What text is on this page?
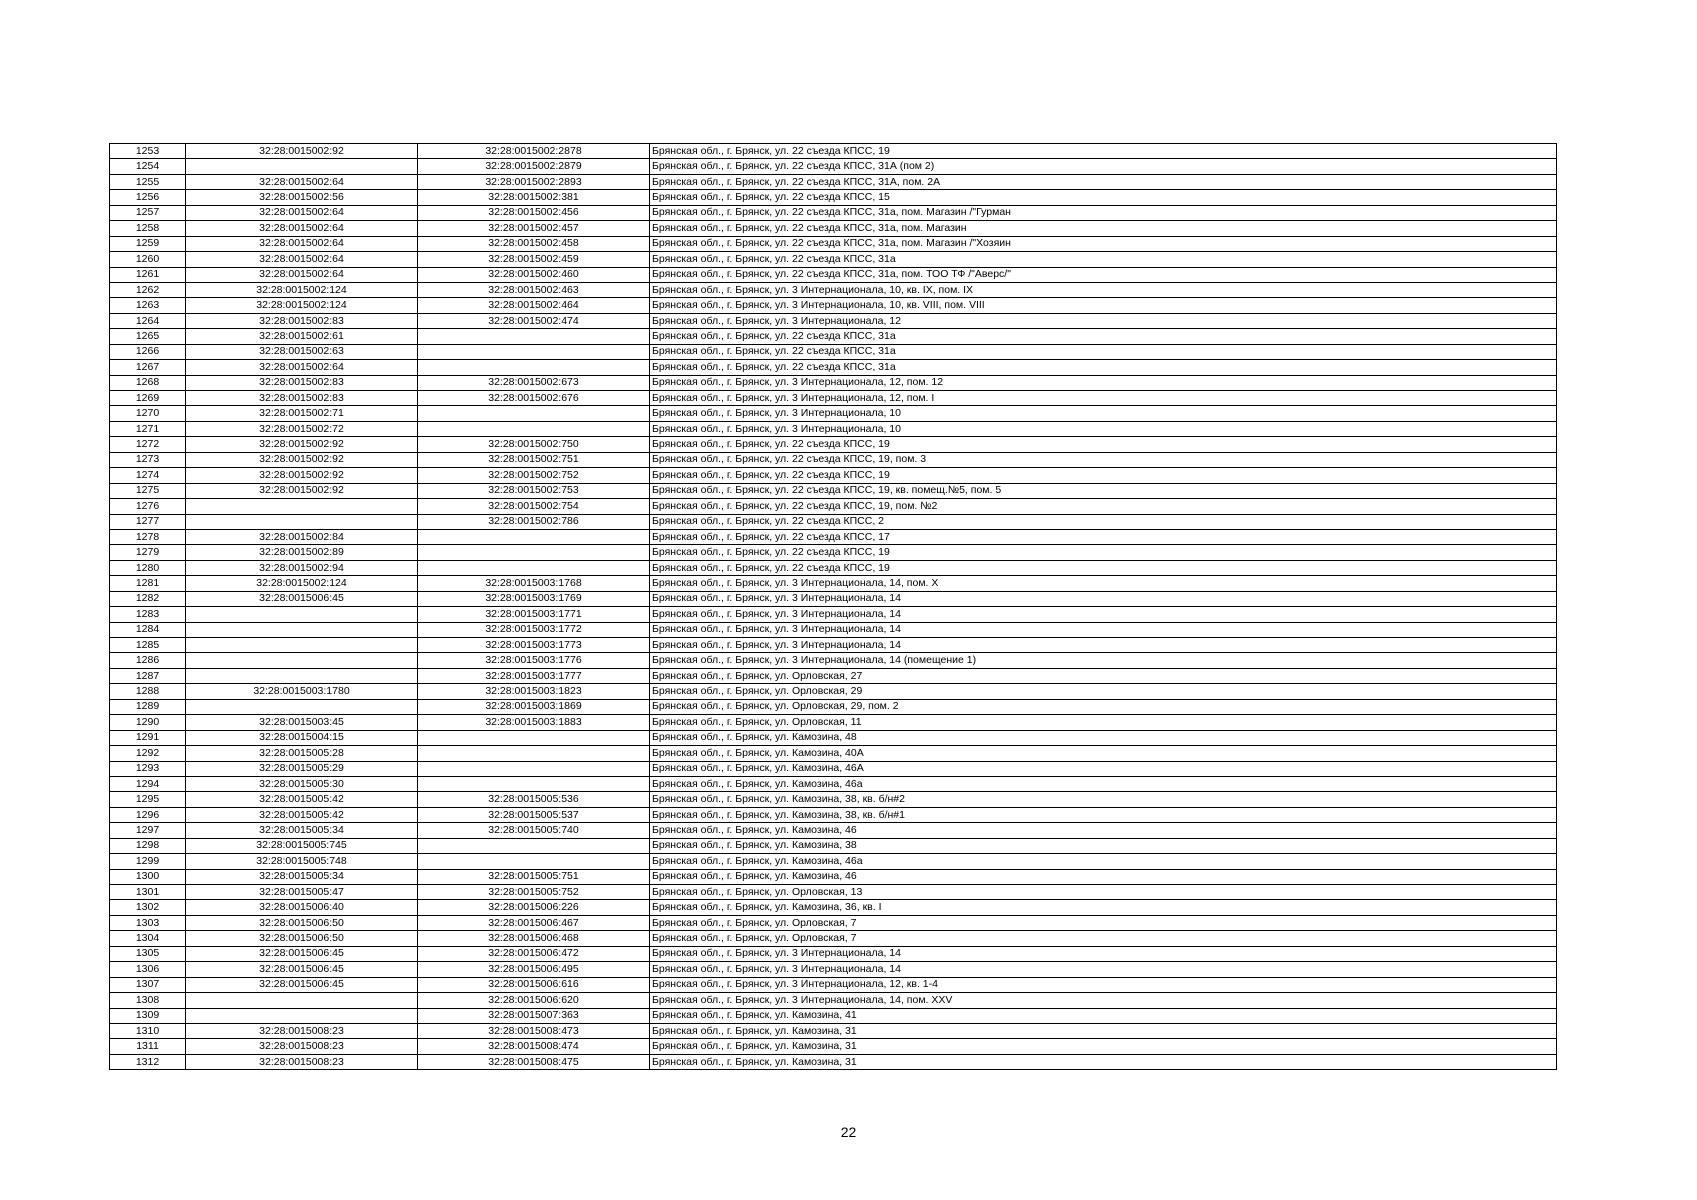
1253	32:28:0015002:92	32:28:0015002:2878	Брянская обл., г. Брянск, ул. 22 съезда КПСС, 19
1254		32:28:0015002:2879	Брянская обл., г. Брянск, ул. 22 съезда КПСС, 31А (пом 2)
1255	32:28:0015002:64	32:28:0015002:2893	Брянская обл., г. Брянск, ул. 22 съезда КПСС, 31А, пом. 2А
1256	32:28:0015002:56	32:28:0015002:381	Брянская обл., г. Брянск, ул. 22 съезда КПСС, 15
1257	32:28:0015002:64	32:28:0015002:456	Брянская обл., г. Брянск, ул. 22 съезда КПСС, 31а, пом. Магазин /"Гурман
1258	32:28:0015002:64	32:28:0015002:457	Брянская обл., г. Брянск, ул. 22 съезда КПСС, 31а, пом. Магазин
1259	32:28:0015002:64	32:28:0015002:458	Брянская обл., г. Брянск, ул. 22 съезда КПСС, 31а, пом. Магазин /"Хозяин
1260	32:28:0015002:64	32:28:0015002:459	Брянская обл., г. Брянск, ул. 22 съезда КПСС, 31а
1261	32:28:0015002:64	32:28:0015002:460	Брянская обл., г. Брянск, ул. 22 съезда КПСС, 31а, пом. ТОО ТФ /"Аверс/"
1262	32:28:0015002:124	32:28:0015002:463	Брянская обл., г. Брянск, ул. 3 Интернационала, 10, кв. IX, пом. IX
1263	32:28:0015002:124	32:28:0015002:464	Брянская обл., г. Брянск, ул. 3 Интернационала, 10, кв. VIII, пом. VIII
1264	32:28:0015002:83	32:28:0015002:474	Брянская обл., г. Брянск, ул. 3 Интернационала, 12
1265	32:28:0015002:61		Брянская обл., г. Брянск, ул. 22 съезда КПСС, 31а
1266	32:28:0015002:63		Брянская обл., г. Брянск, ул. 22 съезда КПСС, 31а
1267	32:28:0015002:64		Брянская обл., г. Брянск, ул. 22 съезда КПСС, 31а
1268	32:28:0015002:83	32:28:0015002:673	Брянская обл., г. Брянск, ул. 3 Интернационала, 12, пом. 12
1269	32:28:0015002:83	32:28:0015002:676	Брянская обл., г. Брянск, ул. 3 Интернационала, 12, пом. I
1270	32:28:0015002:71		Брянская обл., г. Брянск, ул. 3 Интернационала, 10
1271	32:28:0015002:72		Брянская обл., г. Брянск, ул. 3 Интернационала, 10
1272	32:28:0015002:92	32:28:0015002:750	Брянская обл., г. Брянск, ул. 22 съезда КПСС, 19
1273	32:28:0015002:92	32:28:0015002:751	Брянская обл., г. Брянск, ул. 22 съезда КПСС, 19, пом. 3
1274	32:28:0015002:92	32:28:0015002:752	Брянская обл., г. Брянск, ул. 22 съезда КПСС, 19
1275	32:28:0015002:92	32:28:0015002:753	Брянская обл., г. Брянск, ул. 22 съезда КПСС, 19, кв. помещ.№5, пом. 5
1276		32:28:0015002:754	Брянская обл., г. Брянск, ул. 22 съезда КПСС, 19, пом. №2
1277		32:28:0015002:786	Брянская обл., г. Брянск, ул. 22 съезда КПСС, 2
1278	32:28:0015002:84		Брянская обл., г. Брянск, ул. 22 съезда КПСС, 17
1279	32:28:0015002:89		Брянская обл., г. Брянск, ул. 22 съезда КПСС, 19
1280	32:28:0015002:94		Брянская обл., г. Брянск, ул. 22 съезда КПСС, 19
1281	32:28:0015002:124	32:28:0015003:1768	Брянская обл., г. Брянск, ул. 3 Интернационала, 14, пом. X
1282	32:28:0015006:45	32:28:0015003:1769	Брянская обл., г. Брянск, ул. 3 Интернационала, 14
1283		32:28:0015003:1771	Брянская обл., г. Брянск, ул. 3 Интернационала, 14
1284		32:28:0015003:1772	Брянская обл., г. Брянск, ул. 3 Интернационала, 14
1285		32:28:0015003:1773	Брянская обл., г. Брянск, ул. 3 Интернационала, 14
1286		32:28:0015003:1776	Брянская обл., г. Брянск, ул. 3 Интернационала, 14 (помещение 1)
1287		32:28:0015003:1777	Брянская обл., г. Брянск, ул. Орловская, 27
1288	32:28:0015003:1780	32:28:0015003:1823	Брянская обл., г. Брянск, ул. Орловская, 29
1289		32:28:0015003:1869	Брянская обл., г. Брянск, ул. Орловская, 29, пом. 2
1290	32:28:0015003:45	32:28:0015003:1883	Брянская обл., г. Брянск, ул. Орловская, 11
1291	32:28:0015004:15		Брянская обл., г. Брянск, ул. Камозина, 48
1292	32:28:0015005:28		Брянская обл., г. Брянск, ул. Камозина, 40А
1293	32:28:0015005:29		Брянская обл., г. Брянск, ул. Камозина, 46А
1294	32:28:0015005:30		Брянская обл., г. Брянск, ул. Камозина, 46а
1295	32:28:0015005:42	32:28:0015005:536	Брянская обл., г. Брянск, ул. Камозина, 38, кв. б/н#2
1296	32:28:0015005:42	32:28:0015005:537	Брянская обл., г. Брянск, ул. Камозина, 38, кв. б/н#1
1297	32:28:0015005:34	32:28:0015005:740	Брянская обл., г. Брянск, ул. Камозина, 46
1298	32:28:0015005:745		Брянская обл., г. Брянск, ул. Камозина, 38
1299	32:28:0015005:748		Брянская обл., г. Брянск, ул. Камозина, 46а
1300	32:28:0015005:34	32:28:0015005:751	Брянская обл., г. Брянск, ул. Камозина, 46
1301	32:28:0015005:47	32:28:0015005:752	Брянская обл., г. Брянск, ул. Орловская, 13
1302	32:28:0015006:40	32:28:0015006:226	Брянская обл., г. Брянск, ул. Камозина, 36, кв. I
1303	32:28:0015006:50	32:28:0015006:467	Брянская обл., г. Брянск, ул. Орловская, 7
1304	32:28:0015006:50	32:28:0015006:468	Брянская обл., г. Брянск, ул. Орловская, 7
1305	32:28:0015006:45	32:28:0015006:472	Брянская обл., г. Брянск, ул. 3 Интернационала, 14
1306	32:28:0015006:45	32:28:0015006:495	Брянская обл., г. Брянск, ул. 3 Интернационала, 14
1307	32:28:0015006:45	32:28:0015006:616	Брянская обл., г. Брянск, ул. 3 Интернационала, 12, кв. 1-4
1308		32:28:0015006:620	Брянская обл., г. Брянск, ул. 3 Интернационала, 14, пом. XXV
1309		32:28:0015007:363	Брянская обл., г. Брянск, ул. Камозина, 41
1310	32:28:0015008:23	32:28:0015008:473	Брянская обл., г. Брянск, ул. Камозина, 31
1311	32:28:0015008:23	32:28:0015008:474	Брянская обл., г. Брянск, ул. Камозина, 31
1312	32:28:0015008:23	32:28:0015008:475	Брянская обл., г. Брянск, ул. Камозина, 31
22
